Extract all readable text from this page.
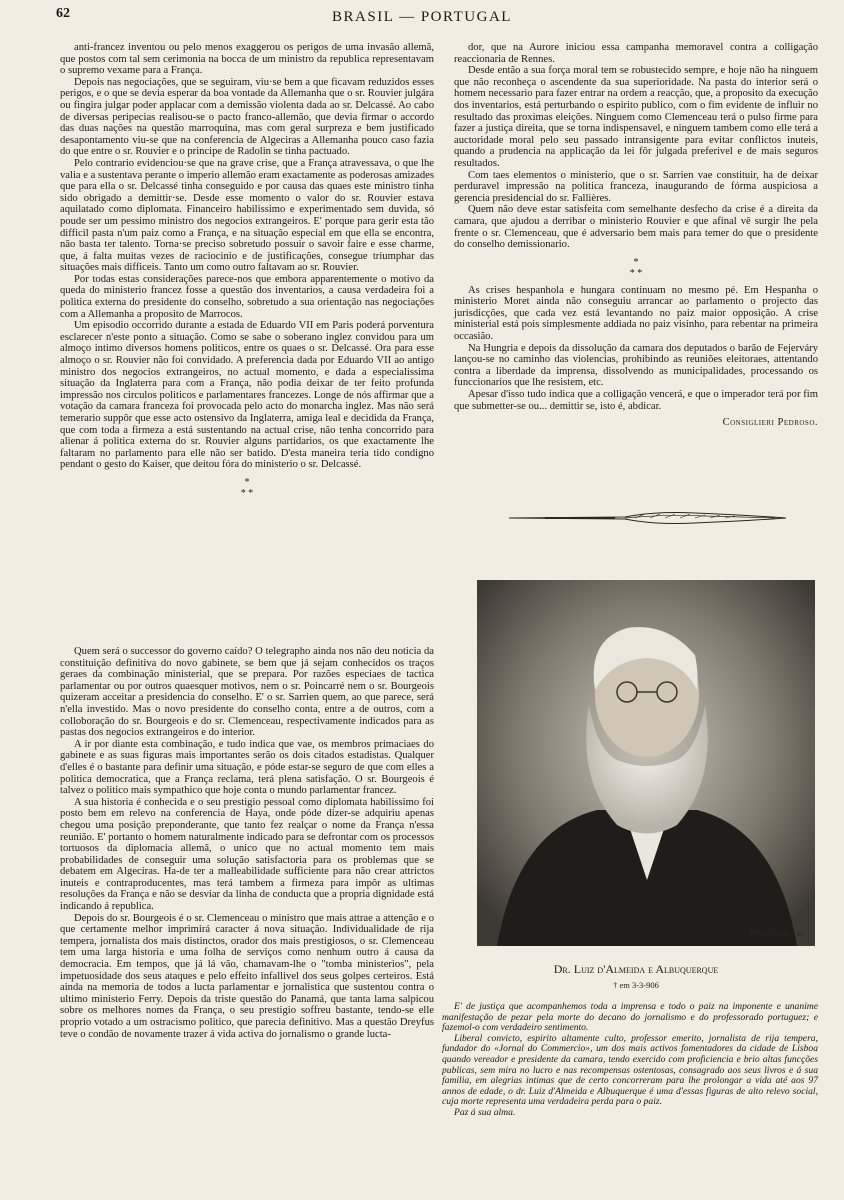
62	BRASIL — PORTUGAL

anti-francez inventou ou pelo menos exaggerou os perigos de uma invasão allemã, que postos com tal sem cerimonia na bocca de um ministro da republica representavam o supremo vexame para a França.

Depois nas negociações, que se seguiram, viu·se bem a que ficavam reduzidos esses perigos, e o que se devia esperar da boa vontade da Allemanha que o sr. Rouvier julgára ou fingira julgar poder applacar com a demissão violenta dada ao sr. Delcassé. Ao cabo de diversas peripecias realisou-se o pacto franco-allemão, que devia firmar o accordo das duas nações na questão marroquina, mas com geral surpreza e bem justificado desapontamento viu-se que na conferencia de Algeciras a Allemanha pouco caso fazia do que entre o sr. Rouvier e o principe de Radolin se tinha pactuado.

Pelo contrario evidenciou·se que na grave crise, que a França atravessava, o que lhe valia e a sustentava perante o imperio allemão eram exactamente as poderosas amizades que para ella o sr. Delcassé tinha conseguido e por causa das quaes este ministro tinha sido obrigado a demittir·se. Desde esse momento o valor do sr. Rouvier estava aquilatado como diplomata. Financeiro habilissimo e experimentado sem duvida, só poude ser um pessimo ministro dos negocios extrangeiros. E' porque para gerir esta tão difficil pasta n'um paiz como a França, e na situação especial em que ella se encontra, não basta ter talento. Torna·se preciso sobretudo possuir o savoir faire e esse charme, que, á falta muitas vezes de raciocinio e de justificações, consegue triumphar das situações mais difficeis. Tanto um como outro faltavam ao sr. Rouvier.

Por todas estas considerações parece-nos que embora apparentemente o motivo da queda do ministerio francez fosse a questão dos inventarios, a causa verdadeira foi a politica externa do presidente do conselho, sobretudo a sua orientação nas negociações com a Allemanha a proposito de Marrocos.

Um episodio occorrido durante a estada de Eduardo VII em Paris poderá porventura esclarecer n'este ponto a situação. Como se sabe o soberano inglez convidou para um almoço intimo diversos homens politicos, entre os quaes o sr. Delcassé. Ora para esse almoço o sr. Rouvier não foi convidado. A preferencia dada por Eduardo VII ao antigo ministro dos negocios extrangeiros, no actual momento, e dada a especialissima situação da Inglaterra para com a França, não podia deixar de ter feito profunda impressão nos circulos politicos e parlamentares francezes. Longe de nós affirmar que a votação da camara franceza foi provocada pelo acto do monarcha inglez. Mas não será temerario suppôr que esse acto ostensivo da Inglaterra, amiga leal e decidida da França, que com toda a firmeza a está sustentando na actual crise, não tenha concorrido para alienar á politica externa do sr. Rouvier alguns partidarios, os que exactamente lhe faltaram no parlamento para elle não ser batido. D'esta maneira teria tido condigno pendant o gesto do Kaiser, que deitou fóra do ministerio o sr. Delcassé.

*
* *

Quem será o successor do governo caído? O telegrapho ainda nos não deu noticia da constituição definitiva do novo gabinete, se bem que já sejam conhecidos os traços geraes da combinação ministerial, que se prepara. Por razões especiaes de tactica parlamentar ou por outros quaesquer motivos, nem o sr. Poincarré nem o sr. Bourgeois quizeram acceitar a presidencia do conselho. E' o sr. Sarrien quem, ao que parece, será n'ella investido. Mas o novo presidente do conselho conta, entre a de outros, com a colloboração do sr. Bourgeois e do sr. Clemenceau, respectivamente indicados para as pastas dos negocios extrangeiros e do interior.

A ir por diante esta combinação, e tudo indica que vae, os membros primaciaes do gabinete e as suas figuras mais importantes serão os dois citados estadistas. Qualquer d'elles é o bastante para definir uma situação, e póde estar-se seguro de que com elles a politica democratica, que a França reclama, terá plena satisfação. O sr. Bourgeois é talvez o politico mais sympathico que hoje conta o mundo parlamentar francez.

A sua historia é conhecida e o seu prestigio pessoal como diplomata habilissimo foi posto bem em relevo na conferencia de Haya, onde póde dizer-se adquiriu apenas chegou uma posição preponderante, que tanto fez realçar o nome da França n'essa reunião. E' portanto o homem naturalmente indicado para se defrontar com os processos tortuosos da diplomacia allemã, o unico que no actual momento tem mais probabilidades de conseguir uma solução satisfactoria para os problemas que se debatem em Algeciras. Ha-de ter a malleabilidade sufficiente para não crear attrictos inuteis e contraproducentes, mas terá tambem a firmeza para impôr as ultimas resoluções da França e não se desviar da linha de conducta que a propria dignidade está indicando á republica.

Depois do sr. Bourgeois é o sr. Clemenceau o ministro que mais attrae a attenção e o que certamente melhor imprimirá caracter á nova situação. Individualidade de rija tempera, jornalista dos mais distinctos, orador dos mais prestigiosos, o sr. Clemenceau tem uma larga historia e uma folha de serviços como nenhum outro á causa da democracia. Em tempos, que já lá vão, chamavam-lhe o "tomba ministerios", pela impetuosidade dos seus ataques e pelo effeito infallivel dos seus golpes certeiros. Está ainda na memoria de todos a lucta parlamentar e jornalistica que sustentou contra o ultimo ministerio Ferry. Depois da triste questão do Panamá, que tanta lama salpicou sobre os melhores nomes da França, o seu prestigio soffreu bastante, tendo-se elle proprio votado a um ostracismo politico, que parecia definitivo. Mas a questão Dreyfus teve o condão de novamente trazer á vida activa do jornalismo o grande lucta-

dor, que na Aurore iniciou essa campanha memoravel contra a colligação reaccionaria de Rennes.

Desde então a sua força moral tem se robustecido sempre, e hoje não ha ninguem que não reconheça o ascendente da sua superioridade. Na pasta do interior será o homem necessario para fazer entrar na ordem a reacção, que, a proposito da execução dos inventarios, está perturbando o espirito publico, com o fim evidente de influir no resultado das proximas eleições. Ninguem como Clemenceau terá o pulso firme para fazer a justiça direita, que se torna indispensavel, e ninguem tambem como elle terá a auctoridade moral pelo seu passado intransigente para evitar conflictos inuteis, quando a prudencia na applicação da lei fôr julgada preferivel e de mais seguros resultados.

Com taes elementos o ministerio, que o sr. Sarrien vae constituir, ha de deixar perduravel impressão na politica franceza, inaugurando de fórma auspiciosa a gerencia presidencial do sr. Fallières.

Quem não deve estar satisfeita com semelhante desfecho da crise é a direita da camara, que ajudou a derribar o ministerio Rouvier e que afinal vê surgir lhe pela frente o sr. Clemenceau, que é adversario bem mais para temer do que o presidente do conselho demissionario.

*
* *

As crises hespanhola e hungara continuam no mesmo pé. Em Hespanha o ministerio Moret ainda não conseguiu arrancar ao parlamento o projecto das jurisdicções, que cada vez está levantando no paiz maior opposição. A crise ministerial está pois simplesmente addiada no paiz visinho, para rebentar na primeira occasião.

Na Hungria e depois da dissolução da camara dos deputados o barão de Fejerváry lançou-se no caminho das violencias, prohibindo as reuniões eleitoraes, attentando contra a liberdade da imprensa, dissolvendo as municipalidades, processando os funccionarios que lhe resistem, etc.

Apesar d'isso tudo indica que a colligação vencerá, e que o imperador terá por fim que submetter-se ou... demittir se, isto é, abdicar.

Consiglieri Pedroso.
Pitta vinha sc
Dr. Luiz d'Almeida e Albuquerque
† em 3-3-906

E' de justiça que acompanhemos toda a imprensa e todo o paiz na imponente e unanime manifestação de pezar pela morte do decano do jornalismo e do professorado portuguez; e fazemol-o com verdadeiro sentimento.

Liberal convicto, espirito altamente culto, professor emerito, jornalista de rija tempera, fundador do «Jornal do Commercio», um dos mais activos fomentadores da cidade de Lisboa quando vereador e presidente da camara, tendo exercido com proficiencia e brio altas funcções publicas, sem mira no lucro e nas recompensas ostentosas, consagrado aos seus livros e á sua familia, em alegrias intimas que de certo concorreram para lhe prolongar a vida até aos 97 annos de edade, o dr. Luiz d'Almeida e Albuquerque é uma d'essas figuras de alto relevo social, cuja morte representa uma verdadeira perda para o paiz.

Paz á sua alma.
